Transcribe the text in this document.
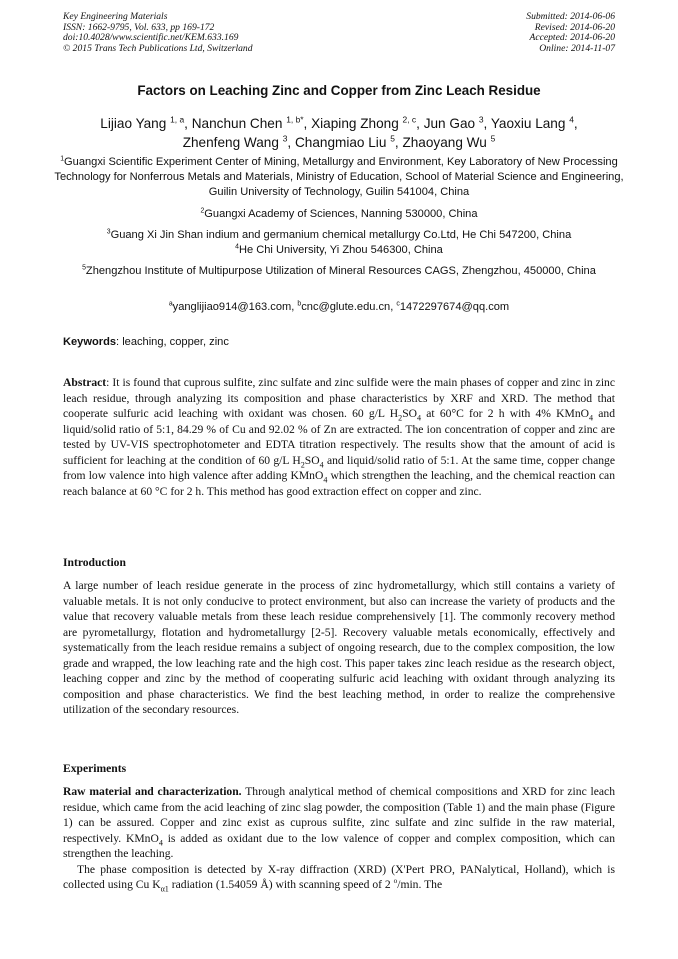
Key Engineering Materials
ISSN: 1662-9795, Vol. 633, pp 169-172
doi:10.4028/www.scientific.net/KEM.633.169
© 2015 Trans Tech Publications Ltd, Switzerland
Submitted: 2014-06-06
Revised: 2014-06-20
Accepted: 2014-06-20
Online: 2014-11-07
Factors on Leaching Zinc and Copper from Zinc Leach Residue
Lijiao Yang $^{1, a}$, Nanchun Chen $^{1, b*}$, Xiaping Zhong $^{2, c}$, Jun Gao $^3$, Yaoxiu Lang $^4$,
Zhenfeng Wang $^3$, Changmiao Liu $^5$, Zhaoyang Wu $^5$
$^1$Guangxi Scientific Experiment Center of Mining, Metallurgy and Environment, Key Laboratory of New Processing Technology for Nonferrous Metals and Materials, Ministry of Education, School of Material Science and Engineering, Guilin University of Technology, Guilin 541004, China
$^2$Guangxi Academy of Sciences, Nanning 530000, China
$^3$Guang Xi Jin Shan indium and germanium chemical metallurgy Co.Ltd, He Chi 547200, China
$^4$He Chi University, Yi Zhou 546300, China
$^5$Zhengzhou Institute of Multipurpose Utilization of Mineral Resources CAGS, Zhengzhou, 450000, China
$^a$yanglijiao914@163.com, $^b$cnc@glute.edu.cn, $^c$1472297674@qq.com
Keywords: leaching, copper, zinc
Abstract: It is found that cuprous sulfite, zinc sulfate and zinc sulfide were the main phases of copper and zinc in zinc leach residue, through analyzing its composition and phase characteristics by XRF and XRD. The method that cooperate sulfuric acid leaching with oxidant was chosen. 60 g/L $H_2SO_4$ at 60°C for 2 h with 4% KMnO$_4$ and liquid/solid ratio of 5:1, 84.29 % of Cu and 92.02 % of Zn are extracted. The ion concentration of copper and zinc are tested by UV-VIS spectrophotometer and EDTA titration respectively. The results show that the amount of acid is sufficient for leaching at the condition of 60 g/L $H_2SO_4$ and liquid/solid ratio of 5:1. At the same time, copper change from low valence into high valence after adding KMnO$_4$ which strengthen the leaching, and the chemical reaction can reach balance at 60 °C for 2 h. This method has good extraction effect on copper and zinc.
Introduction
A large number of leach residue generate in the process of zinc hydrometallurgy, which still contains a variety of valuable metals. It is not only conducive to protect environment, but also can increase the variety of products and the value that recovery valuable metals from these leach residue comprehensively [1]. The commonly recovery method are pyrometallurgy, flotation and hydrometallurgy [2-5]. Recovery valuable metals economically, effectively and systematically from the leach residue remains a subject of ongoing research, due to the complex composition, the low grade and wrapped, the low leaching rate and the high cost. This paper takes zinc leach residue as the research object, leaching copper and zinc by the method of cooperating sulfuric acid leaching with oxidant through analyzing its composition and phase characteristics. We find the best leaching method, in order to realize the comprehensive utilization of the secondary resources.
Experiments
Raw material and characterization. Through analytical method of chemical compositions and XRD for zinc leach residue, which came from the acid leaching of zinc slag powder, the composition (Table 1) and the main phase (Figure 1) can be assured. Copper and zinc exist as cuprous sulfite, zinc sulfate and zinc sulfide in the raw material, respectively. KMnO$_4$ is added as oxidant due to the low valence of copper and complex composition, which can strengthen the leaching.
The phase composition is detected by X-ray diffraction (XRD) (X'Pert PRO, PANalytical, Holland), which is collected using Cu $K_{\alpha 1}$ radiation (1.54059 Å) with scanning speed of 2 $^o$/min. The
